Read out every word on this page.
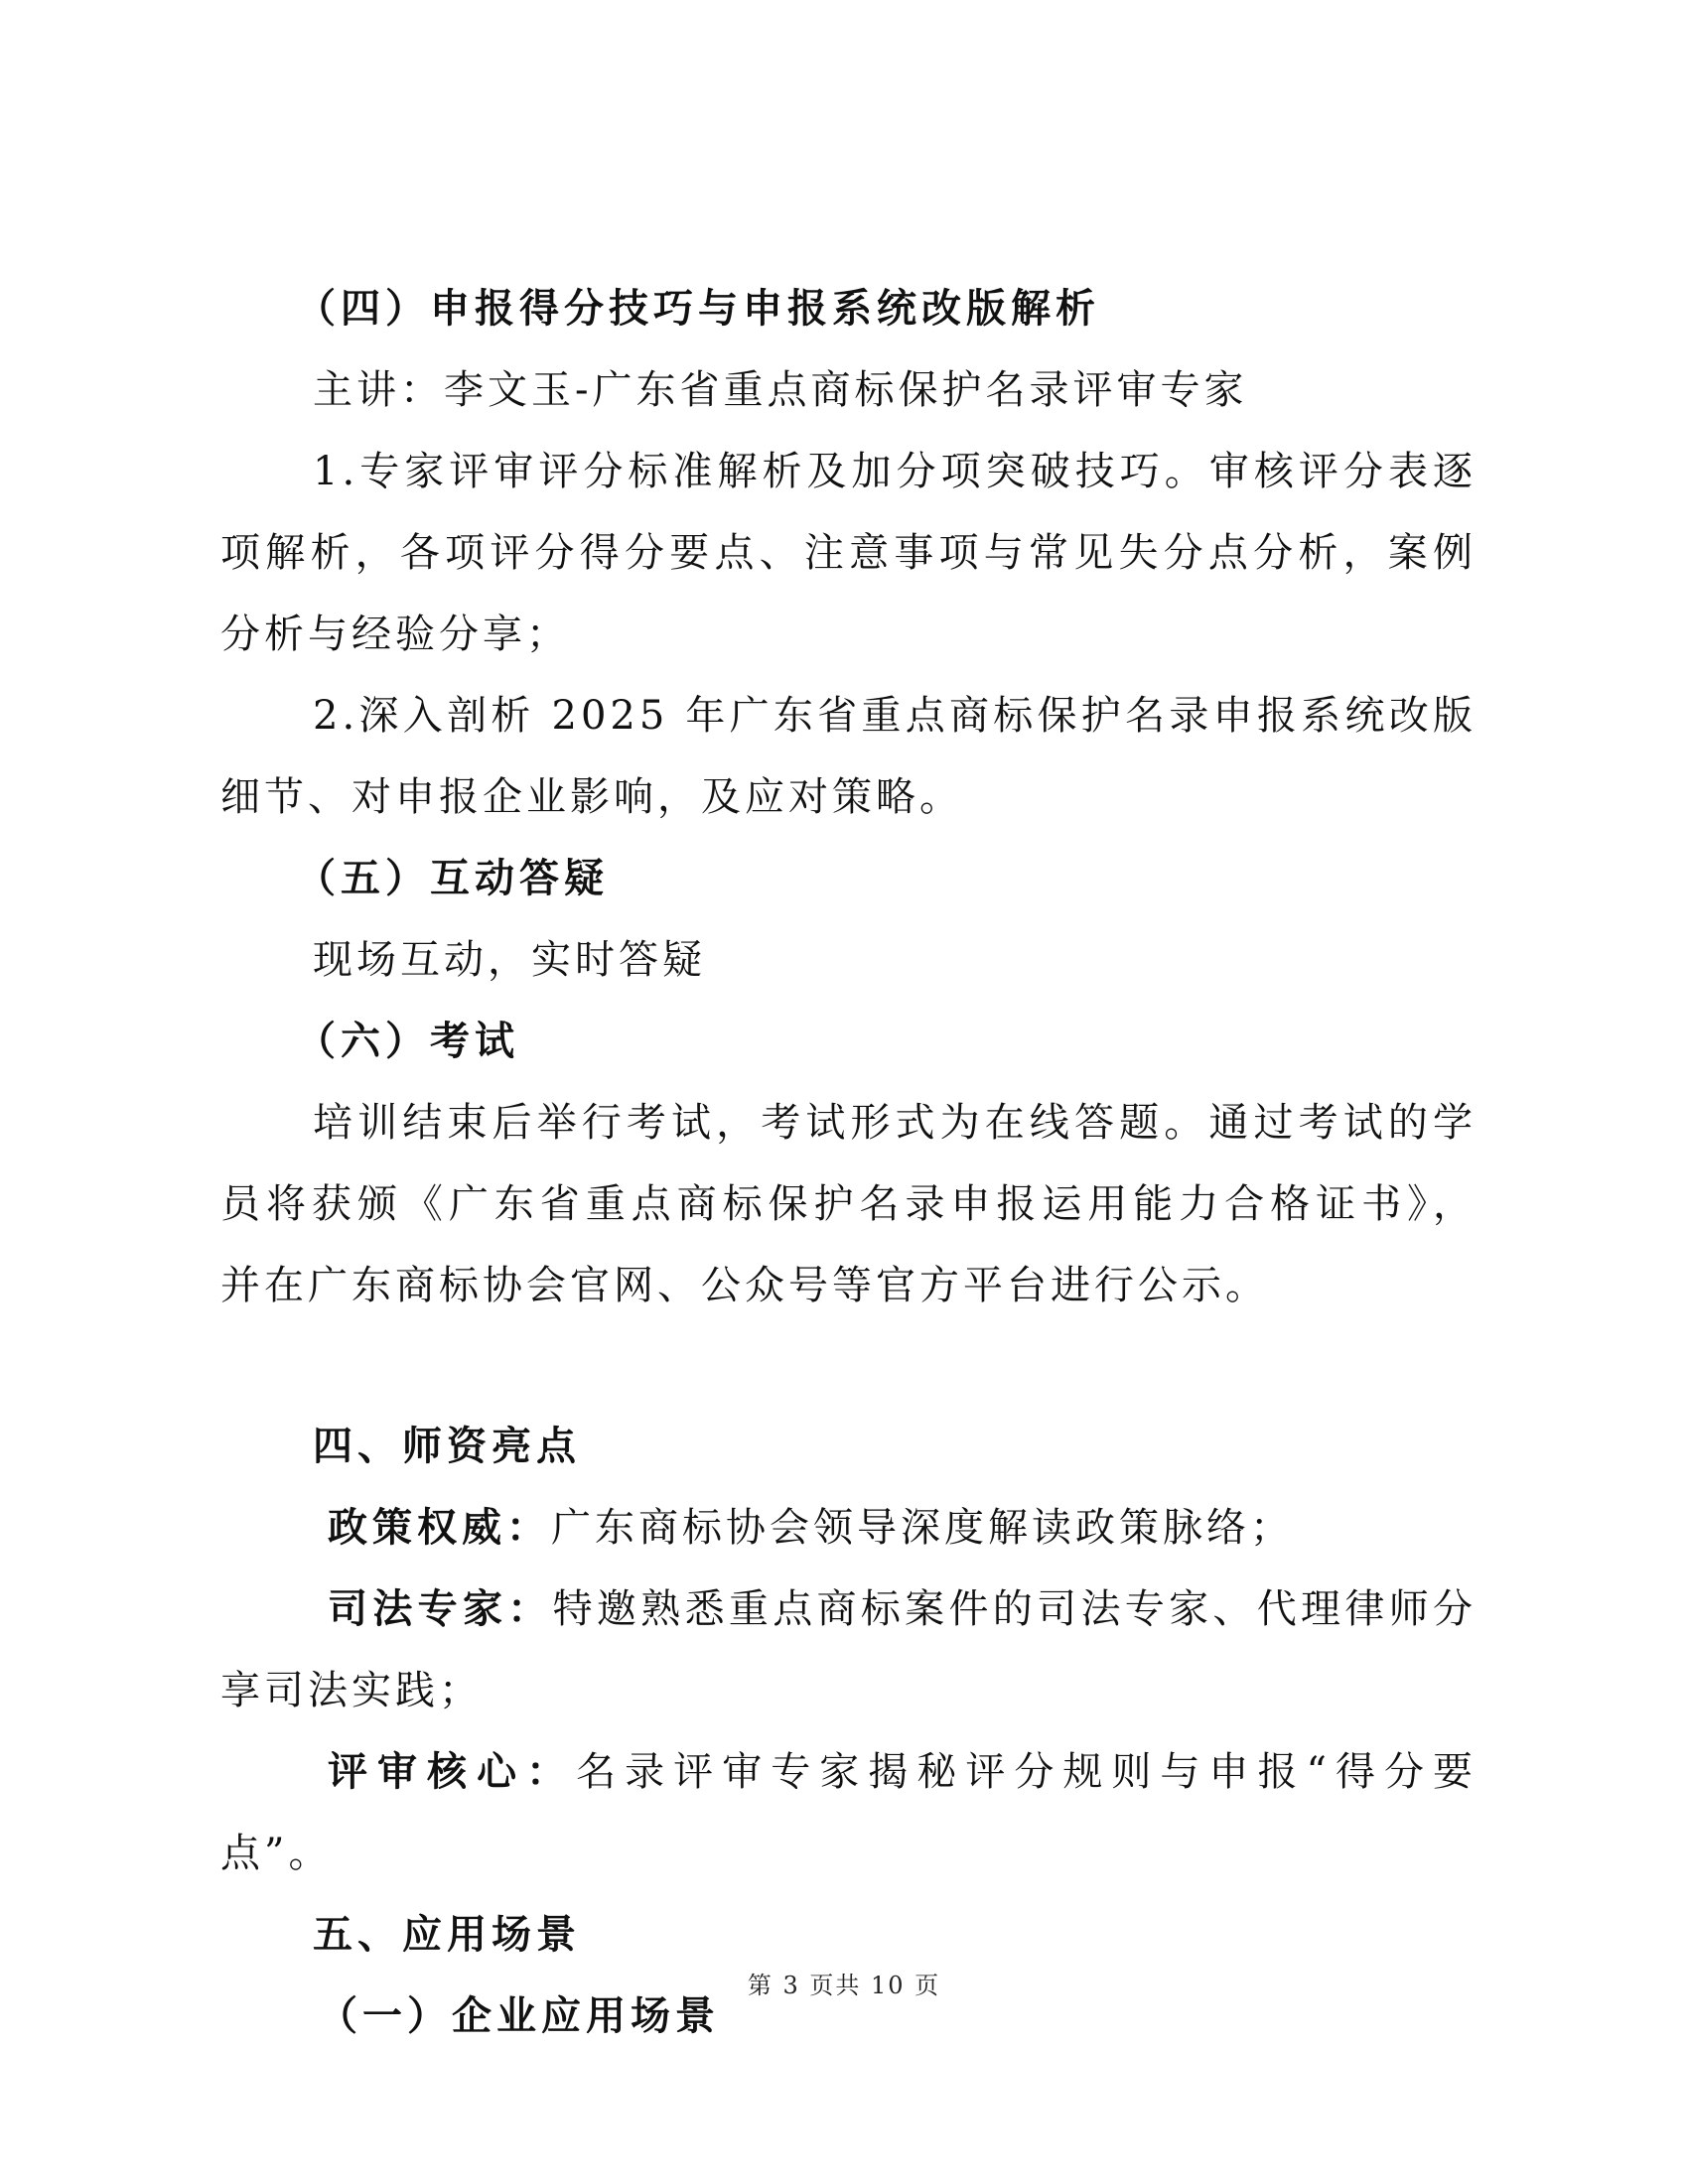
（四）申报得分技巧与申报系统改版解析

主讲：李文玉-广东省重点商标保护名录评审专家

1.专家评审评分标准解析及加分项突破技巧。审核评分表逐

项解析，各项评分得分要点、注意事项与常见失分点分析，案例

分析与经验分享；

2.深入剖析 2025 年广东省重点商标保护名录申报系统改版

细节、对申报企业影响，及应对策略。

（五）互动答疑

现场互动，实时答疑

（六）考试

培训结束后举行考试，考试形式为在线答题。通过考试的学

员将获颁《广东省重点商标保护名录申报运用能力合格证书》，

并在广东商标协会官网、公众号等官方平台进行公示。

四、师资亮点

政策权威：广东商标协会领导深度解读政策脉络；

司法专家：特邀熟悉重点商标案件的司法专家、代理律师分

享司法实践；

评审核心：名录评审专家揭秘评分规则与申报“得分要

点”。

五、应用场景

（一）企业应用场景

第 3 页共 10 页
